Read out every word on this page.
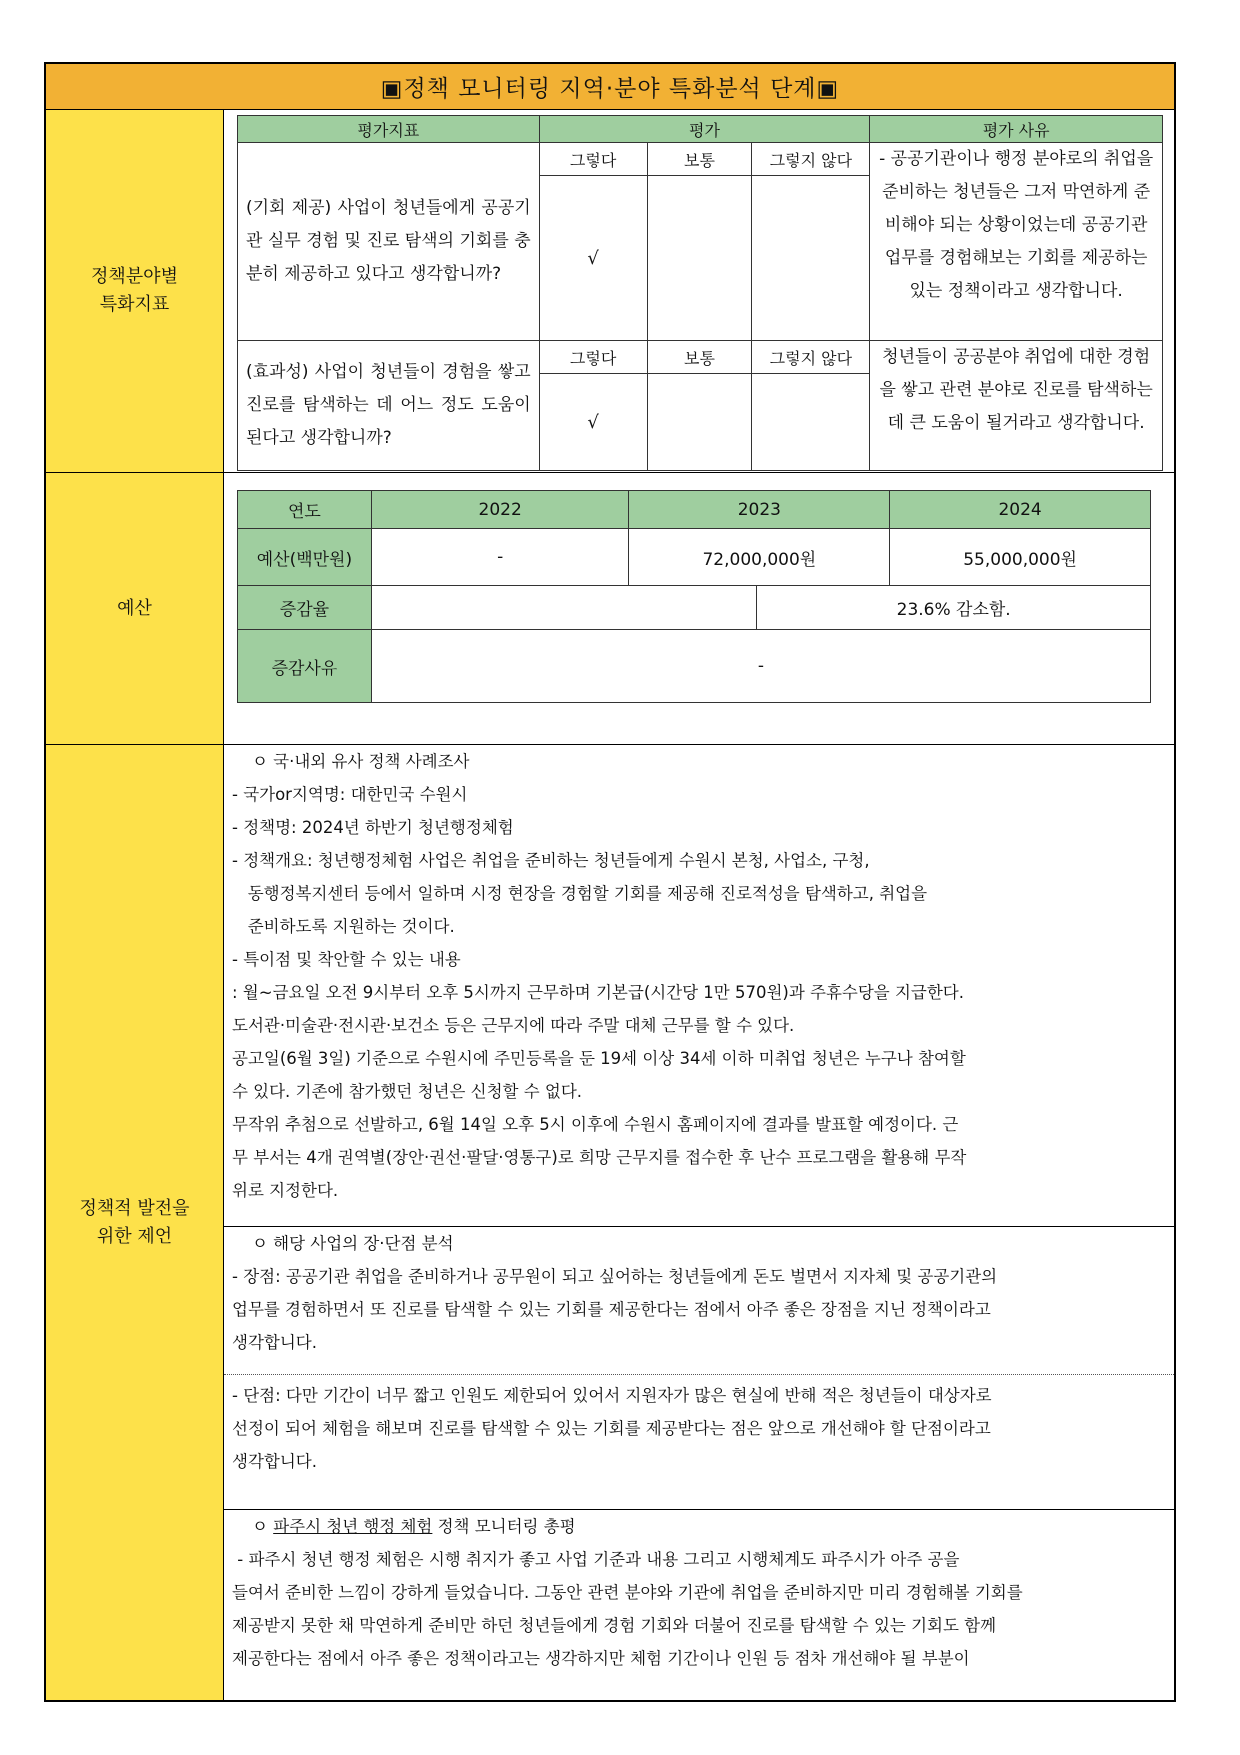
▣정책 모니터링 지역·분야 특화분석 단계▣
정책분야별
특화지표
평가지표	평가			평가 사유
(기회 제공) 사업이 청년들에게 공공기관 실무 경험 및 진로 탐색의 기회를 충분히 제공하고 있다고 생각합니까?	그렇다	보통	그렇지 않다	- 공공기관이나 행정 분야로의 취업을 준비하는 청년들은 그저 막연하게 준비해야 되는 상황이었는데 공공기관 업무를 경험해보는 기회를 제공하는 있는 정책이라고 생각합니다.
	√			
(효과성) 사업이 청년들이 경험을 쌓고 진로를 탐색하는 데 어느 정도 도움이 된다고 생각합니까?	그렇다	보통	그렇지 않다	청년들이 공공분야 취업에 대한 경험을 쌓고 관련 분야로 진로를 탐색하는데 큰 도움이 될거라고 생각합니다.
	√			
예산
연도	2022	2023		2024
예산(백만원)	-	72,000,000원		55,000,000원
증감율			23.6% 감소함.	
증감사유	-			
정책적 발전을
위한 제언

ㅇ 국·내외 유사 정책 사례조사

- 국가or지역명: 대한민국 수원시

- 정책명: 2024년 하반기 청년행정체험

- 정책개요: 청년행정체험 사업은 취업을 준비하는 청년들에게 수원시 본청, 사업소, 구청,

동행정복지센터 등에서 일하며 시정 현장을 경험할 기회를 제공해 진로적성을 탐색하고, 취업을

준비하도록 지원하는 것이다.

- 특이점 및 착안할 수 있는 내용

: 월~금요일 오전 9시부터 오후 5시까지 근무하며 기본급(시간당 1만 570원)과 주휴수당을 지급한다.

도서관·미술관·전시관·보건소 등은 근무지에 따라 주말 대체 근무를 할 수 있다.

공고일(6월 3일) 기준으로 수원시에 주민등록을 둔 19세 이상 34세 이하 미취업 청년은 누구나 참여할

수 있다. 기존에 참가했던 청년은 신청할 수 없다.

무작위 추첨으로 선발하고, 6월 14일 오후 5시 이후에 수원시 홈페이지에 결과를 발표할 예정이다. 근

무 부서는 4개 권역별(장안·권선·팔달·영통구)로 희망 근무지를 접수한 후 난수 프로그램을 활용해 무작

위로 지정한다.

ㅇ 해당 사업의 장·단점 분석

- 장점: 공공기관 취업을 준비하거나 공무원이 되고 싶어하는 청년들에게 돈도 벌면서 지자체 및 공공기관의

업무를 경험하면서 또 진로를 탐색할 수 있는 기회를 제공한다는 점에서 아주 좋은 장점을 지닌 정책이라고

생각합니다.

- 단점: 다만 기간이 너무 짧고 인원도 제한되어 있어서 지원자가 많은 현실에 반해 적은 청년들이 대상자로

선정이 되어 체험을 해보며 진로를 탐색할 수 있는 기회를 제공받다는 점은 앞으로 개선해야 할 단점이라고

생각합니다.

ㅇ 파주시 청년 행정 체험 정책 모니터링 총평

- 파주시 청년 행정 체험은 시행 취지가 좋고 사업 기준과 내용 그리고 시행체계도 파주시가 아주 공을

들여서 준비한 느낌이 강하게 들었습니다. 그동안 관련 분야와 기관에 취업을 준비하지만 미리 경험해볼 기회를

제공받지 못한 채 막연하게 준비만 하던 청년들에게 경험 기회와 더불어 진로를 탐색할 수 있는 기회도 함께

제공한다는 점에서 아주 좋은 정책이라고는 생각하지만 체험 기간이나 인원 등 점차 개선해야 될 부분이
